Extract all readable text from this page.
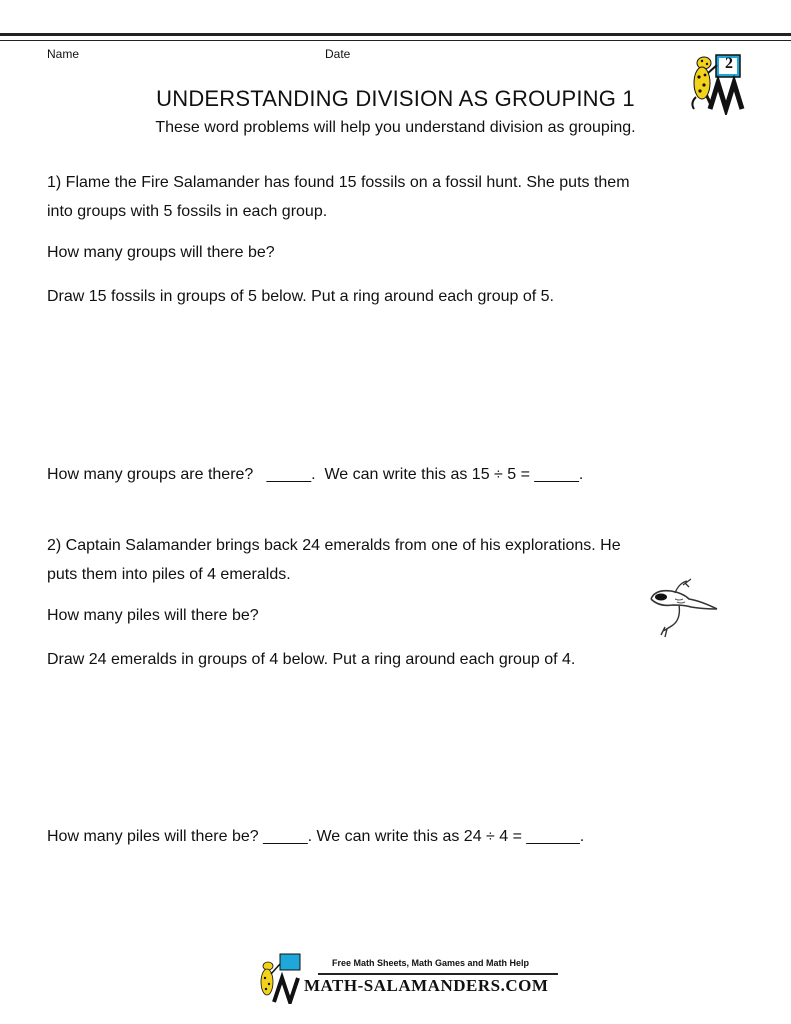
Name	Date
2
UNDERSTANDING DIVISION AS GROUPING 1
These word problems will help you understand division as grouping.
1) Flame the Fire Salamander has found 15 fossils on a fossil hunt. She puts them
into groups with 5 fossils in each group.
How many groups will there be?
Draw 15 fossils in groups of 5 below. Put a ring around each group of 5.
How many groups are there?   _____.  We can write this as 15 ÷ 5 = _____.
2) Captain Salamander brings back 24 emeralds from one of his explorations. He
puts them into piles of 4 emeralds.
How many piles will there be?
Draw 24 emeralds in groups of 4 below. Put a ring around each group of 4.
How many piles will there be? _____. We can write this as 24 ÷ 4 = ______.
Free Math Sheets, Math Games and Math Help
MATH-SALAMANDERS.COM
